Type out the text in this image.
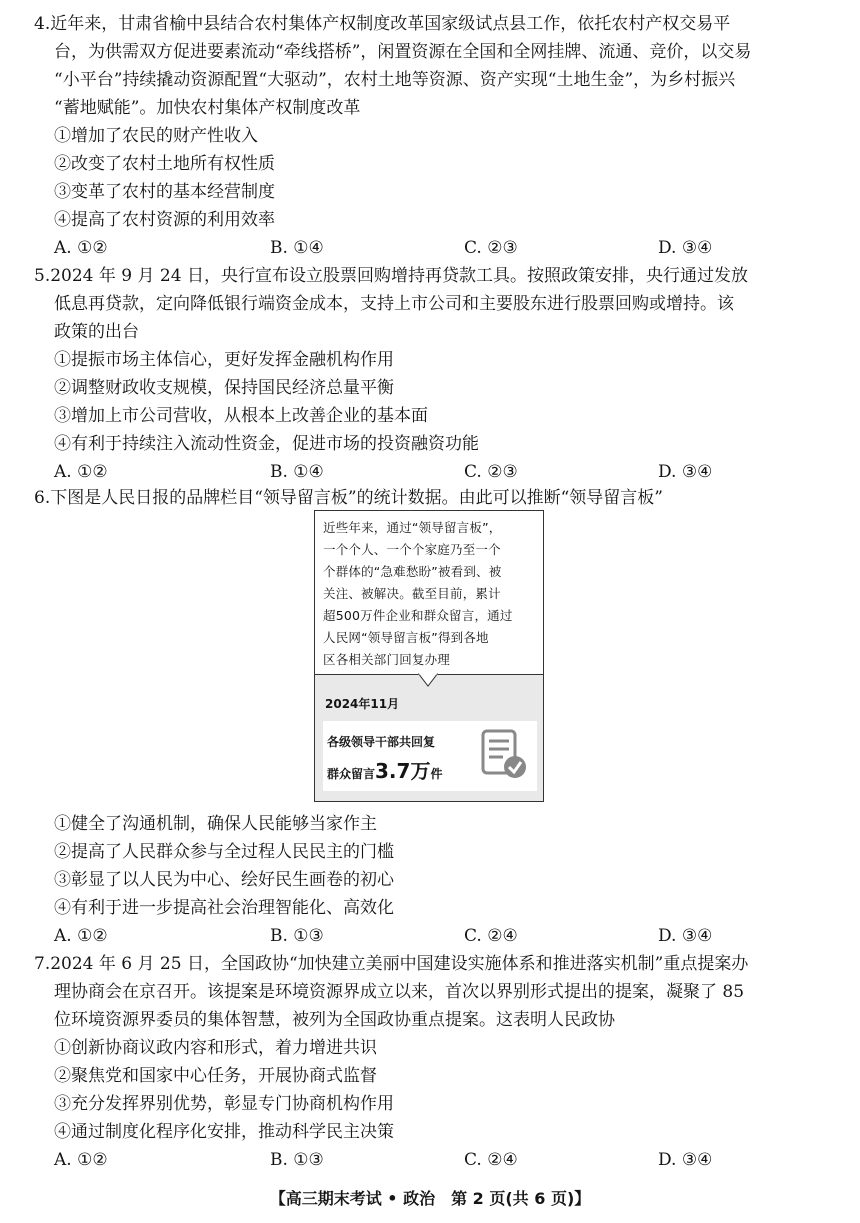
4.近年来，甘肃省榆中县结合农村集体产权制度改革国家级试点县工作，依托农村产权交易平
台，为供需双方促进要素流动“牵线搭桥”，闲置资源在全国和全网挂牌、流通、竞价，以交易
“小平台”持续撬动资源配置“大驱动”，农村土地等资源、资产实现“土地生金”，为乡村振兴
“蓄地赋能”。加快农村集体产权制度改革
①增加了农民的财产性收入
②改变了农村土地所有权性质
③变革了农村的基本经营制度
④提高了农村资源的利用效率
A. ①②	B. ①④	C. ②③	D. ③④
5.2024 年 9 月 24 日，央行宣布设立股票回购增持再贷款工具。按照政策安排，央行通过发放
低息再贷款，定向降低银行端资金成本，支持上市公司和主要股东进行股票回购或增持。该
政策的出台
①提振市场主体信心，更好发挥金融机构作用
②调整财政收支规模，保持国民经济总量平衡
③增加上市公司营收，从根本上改善企业的基本面
④有利于持续注入流动性资金，促进市场的投资融资功能
A. ①②	B. ①④	C. ②③	D. ③④
6.下图是人民日报的品牌栏目“领导留言板”的统计数据。由此可以推断“领导留言板”
近些年来，通过“领导留言板”，
一个个人、一个个家庭乃至一个
个群体的“急难愁盼”被看到、被
关注、被解决。截至目前，累计
超500万件企业和群众留言，通过
人民网“领导留言板”得到各地
区各相关部门回复办理
2024年11月
各级领导干部共回复
群众留言3.7万件
①健全了沟通机制，确保人民能够当家作主
②提高了人民群众参与全过程人民民主的门槛
③彰显了以人民为中心、绘好民生画卷的初心
④有利于进一步提高社会治理智能化、高效化
A. ①②	B. ①③	C. ②④	D. ③④
7.2024 年 6 月 25 日，全国政协“加快建立美丽中国建设实施体系和推进落实机制”重点提案办
理协商会在京召开。该提案是环境资源界成立以来，首次以界别形式提出的提案，凝聚了 85
位环境资源界委员的集体智慧，被列为全国政协重点提案。这表明人民政协
①创新协商议政内容和形式，着力增进共识
②聚焦党和国家中心任务，开展协商式监督
③充分发挥界别优势，彰显专门协商机构作用
④通过制度化程序化安排，推动科学民主决策
A. ①②	B. ①③	C. ②④	D. ③④
【高三期末考试 • 政治　第 2 页(共 6 页)】
